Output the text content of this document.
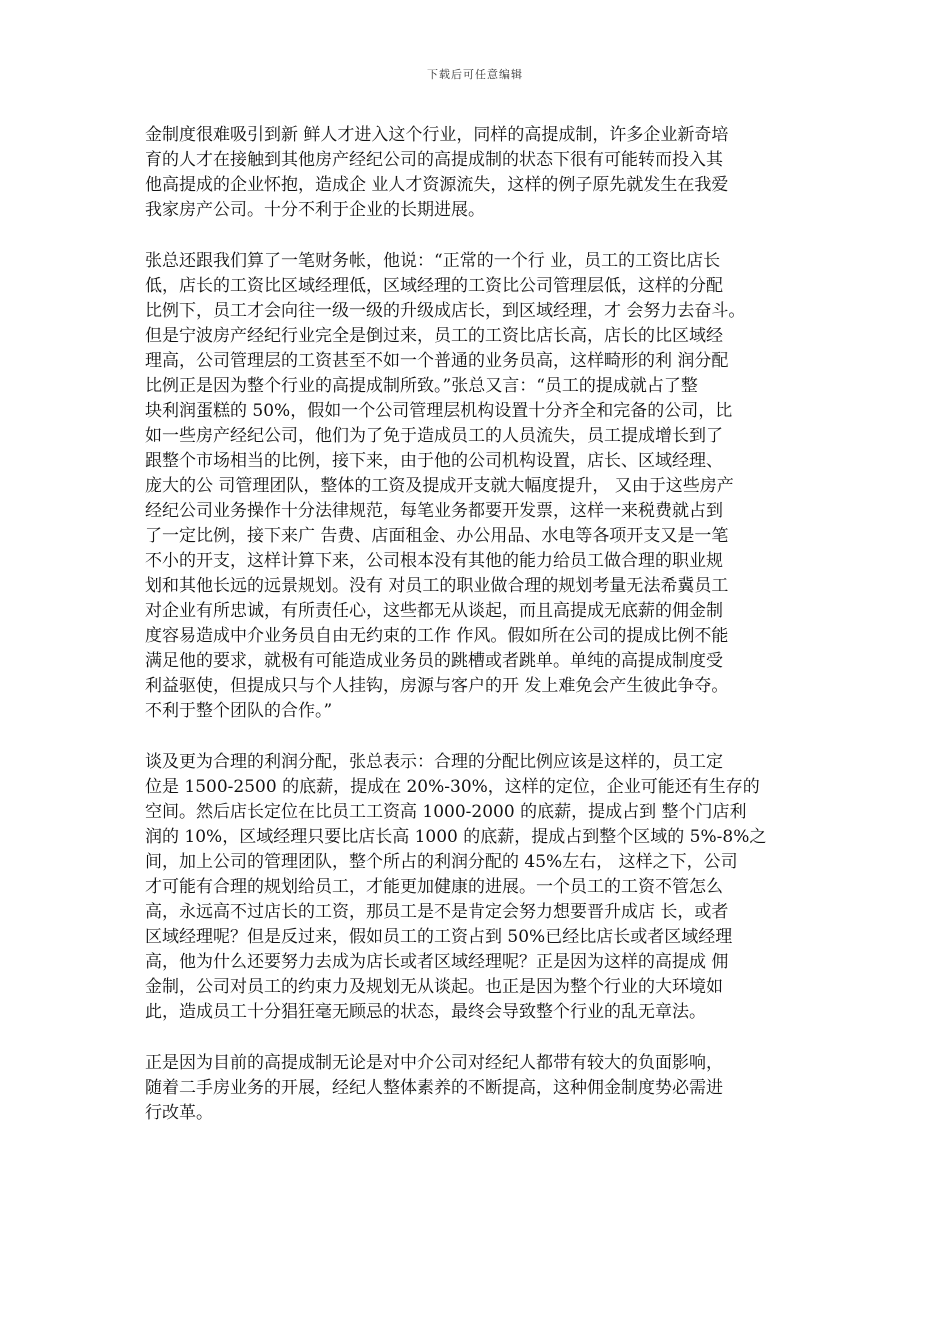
下载后可任意编辑
金制度很难吸引到新 鲜人才进入这个行业，同样的高提成制，许多企业新奇培
育的人才在接触到其他房产经纪公司的高提成制的状态下很有可能转而投入其
他高提成的企业怀抱，造成企 业人才资源流失，这样的例子原先就发生在我爱
我家房产公司。十分不利于企业的长期进展。
张总还跟我们算了一笔财务帐，他说：“正常的一个行 业，员工的工资比店长
低，店长的工资比区域经理低，区域经理的工资比公司管理层低，这样的分配
比例下，员工才会向往一级一级的升级成店长，到区域经理，才 会努力去奋斗。
但是宁波房产经纪行业完全是倒过来，员工的工资比店长高，店长的比区域经
理高，公司管理层的工资甚至不如一个普通的业务员高，这样畸形的利 润分配
比例正是因为整个行业的高提成制所致。”张总又言：“员工的提成就占了整
块利润蛋糕的 50%，假如一个公司管理层机构设置十分齐全和完备的公司，比
如一些房产经纪公司，他们为了免于造成员工的人员流失，员工提成增长到了
跟整个市场相当的比例，接下来，由于他的公司机构设置，店长、区域经理、
庞大的公 司管理团队，整体的工资及提成开支就大幅度提升， 又由于这些房产
经纪公司业务操作十分法律规范，每笔业务都要开发票，这样一来税费就占到
了一定比例，接下来广 告费、店面租金、办公用品、水电等各项开支又是一笔
不小的开支，这样计算下来，公司根本没有其他的能力给员工做合理的职业规
划和其他长远的远景规划。没有 对员工的职业做合理的规划考量无法希冀员工
对企业有所忠诚，有所责任心，这些都无从谈起，而且高提成无底薪的佣金制
度容易造成中介业务员自由无约束的工作 作风。假如所在公司的提成比例不能
满足他的要求，就极有可能造成业务员的跳槽或者跳单。单纯的高提成制度受
利益驱使，但提成只与个人挂钩，房源与客户的开 发上难免会产生彼此争夺。
不利于整个团队的合作。”
谈及更为合理的利润分配，张总表示：合理的分配比例应该是这样的，员工定
位是 1500-2500 的底薪，提成在 20%-30%，这样的定位，企业可能还有生存的
空间。然后店长定位在比员工工资高 1000-2000 的底薪，提成占到 整个门店利
润的 10%，区域经理只要比店长高 1000 的底薪，提成占到整个区域的 5%-8%之
间，加上公司的管理团队，整个所占的利润分配的 45%左右， 这样之下，公司
才可能有合理的规划给员工，才能更加健康的进展。一个员工的工资不管怎么
高，永远高不过店长的工资，那员工是不是肯定会努力想要晋升成店 长，或者
区域经理呢？但是反过来，假如员工的工资占到 50%已经比店长或者区域经理
高，他为什么还要努力去成为店长或者区域经理呢？正是因为这样的高提成 佣
金制，公司对员工的约束力及规划无从谈起。也正是因为整个行业的大环境如
此，造成员工十分猖狂毫无顾忌的状态，最终会导致整个行业的乱无章法。
正是因为目前的高提成制无论是对中介公司对经纪人都带有较大的负面影响，
随着二手房业务的开展，经纪人整体素养的不断提高，这种佣金制度势必需进
行改革。
